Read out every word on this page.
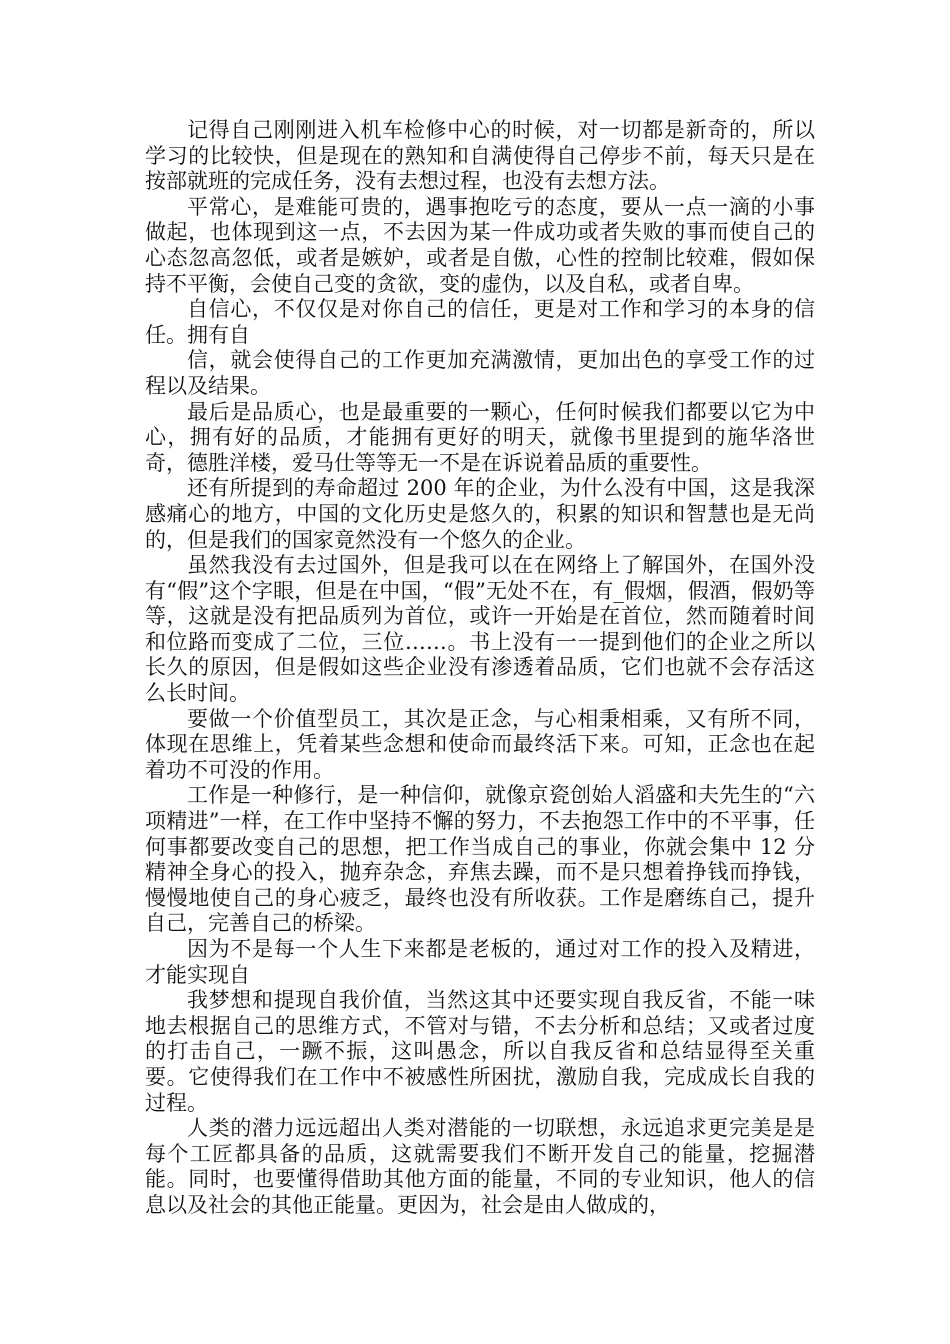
记得自己刚刚进入机车检修中心的时候，对一切都是新奇的，所以学习的比较快，但是现在的熟知和自满使得自己停步不前，每天只是在按部就班的完成任务，没有去想过程，也没有去想方法。

平常心，是难能可贵的，遇事抱吃亏的态度，要从一点一滴的小事做起，也体现到这一点，不去因为某一件成功或者失败的事而使自己的心态忽高忽低，或者是嫉妒，或者是自傲，心性的控制比较难，假如保持不平衡，会使自己变的贪欲，变的虚伪，以及自私，或者自卑。

自信心，不仅仅是对你自己的信任，更是对工作和学习的本身的信任。拥有自

信，就会使得自己的工作更加充满激情，更加出色的享受工作的过程以及结果。

最后是品质心，也是最重要的一颗心，任何时候我们都要以它为中心，拥有好的品质，才能拥有更好的明天，就像书里提到的施华洛世奇，德胜洋楼，爱马仕等等无一不是在诉说着品质的重要性。

还有所提到的寿命超过 200 年的企业，为什么没有中国，这是我深感痛心的地方，中国的文化历史是悠久的，积累的知识和智慧也是无尚的，但是我们的国家竟然没有一个悠久的企业。

虽然我没有去过国外，但是我可以在在网络上了解国外，在国外没有“假”这个字眼，但是在中国，“假”无处不在，有_假烟，假酒，假奶等等，这就是没有把品质列为首位，或许一开始是在首位，然而随着时间和位路而变成了二位，三位……。书上没有一一提到他们的企业之所以长久的原因，但是假如这些企业没有渗透着品质，它们也就不会存活这么长时间。

要做一个价值型员工，其次是正念，与心相秉相乘，又有所不同，体现在思维上，凭着某些念想和使命而最终活下来。可知，正念也在起着功不可没的作用。

工作是一种修行，是一种信仰，就像京瓷创始人滔盛和夫先生的“六项精进”一样，在工作中坚持不懈的努力，不去抱怨工作中的不平事，任何事都要改变自己的思想，把工作当成自己的事业，你就会集中 12 分精神全身心的投入，抛弃杂念，弃焦去躁，而不是只想着挣钱而挣钱，慢慢地使自己的身心疲乏，最终也没有所收获。工作是磨练自己，提升自己，完善自己的桥梁。

因为不是每一个人生下来都是老板的，通过对工作的投入及精进，才能实现自

我梦想和提现自我价值，当然这其中还要实现自我反省，不能一味地去根据自己的思维方式，不管对与错，不去分析和总结；又或者过度的打击自己，一蹶不振，这叫愚念，所以自我反省和总结显得至关重要。它使得我们在工作中不被感性所困扰，激励自我，完成成长自我的过程。

人类的潜力远远超出人类对潜能的一切联想，永远追求更完美是是每个工匠都具备的品质，这就需要我们不断开发自己的能量，挖掘潜能。同时，也要懂得借助其他方面的能量，不同的专业知识，他人的信息以及社会的其他正能量。更因为，社会是由人做成的，
